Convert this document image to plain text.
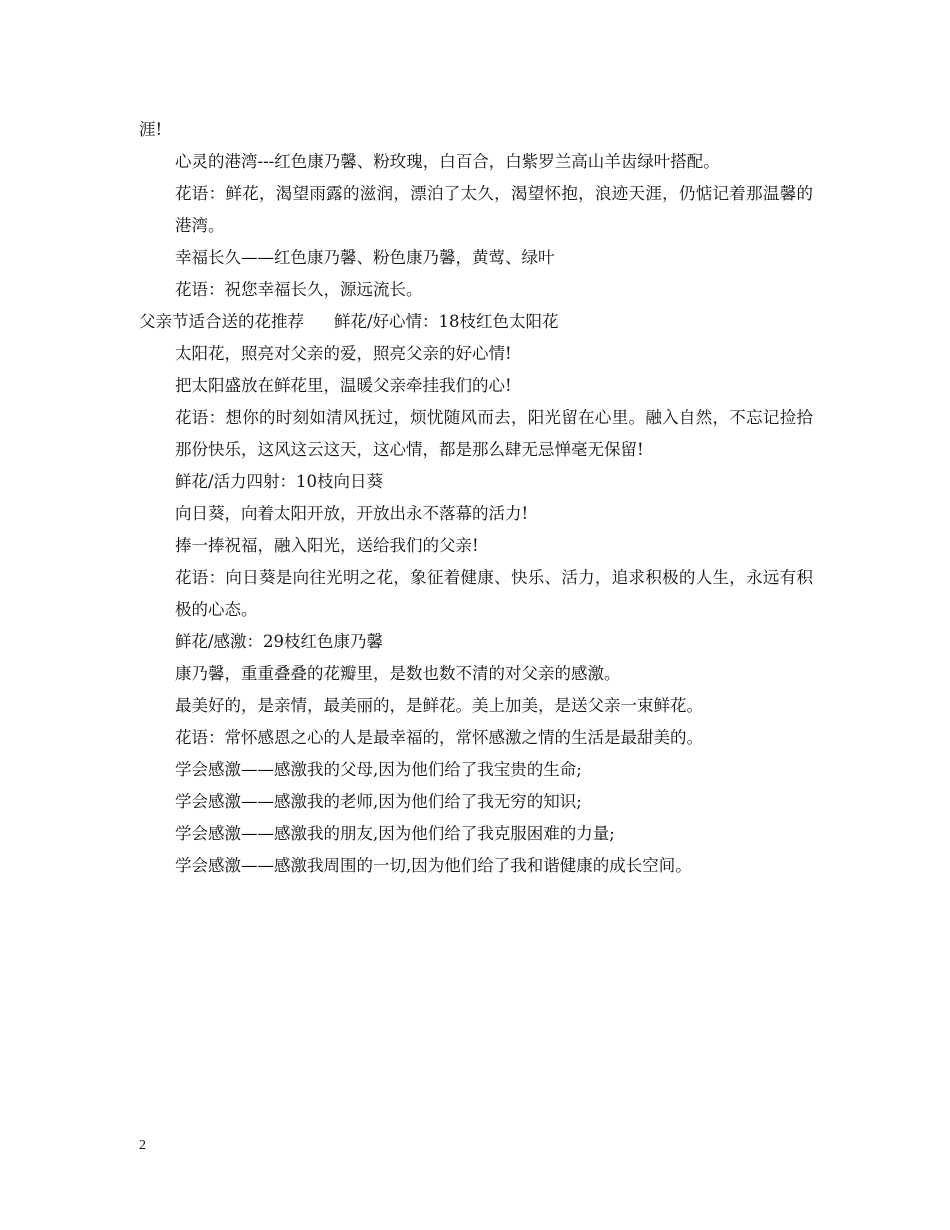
涯!
心灵的港湾---红色康乃馨、粉玫瑰，白百合，白紫罗兰高山羊齿绿叶搭配。
花语：鲜花，渴望雨露的滋润，漂泊了太久，渴望怀抱，浪迹天涯，仍惦记着那温馨的港湾。
幸福长久——红色康乃馨、粉色康乃馨，黄莺、绿叶
花语：祝您幸福长久，源远流长。
父亲节适合送的花推荐 鲜花/好心情：18枝红色太阳花
太阳花，照亮对父亲的爱，照亮父亲的好心情!
把太阳盛放在鲜花里，温暖父亲牵挂我们的心!
花语：想你的时刻如清风抚过，烦忧随风而去，阳光留在心里。融入自然，不忘记捡拾那份快乐，这风这云这天，这心情，都是那么肆无忌惮毫无保留!
鲜花/活力四射：10枝向日葵
向日葵，向着太阳开放，开放出永不落幕的活力!
捧一捧祝福，融入阳光，送给我们的父亲!
花语：向日葵是向往光明之花，象征着健康、快乐、活力，追求积极的人生，永远有积极的心态。
鲜花/感激：29枝红色康乃馨
康乃馨，重重叠叠的花瓣里，是数也数不清的对父亲的感激。
最美好的，是亲情，最美丽的，是鲜花。美上加美，是送父亲一束鲜花。
花语：常怀感恩之心的人是最幸福的，常怀感激之情的生活是最甜美的。
学会感激——感激我的父母,因为他们给了我宝贵的生命;
学会感激——感激我的老师,因为他们给了我无穷的知识;
学会感激——感激我的朋友,因为他们给了我克服困难的力量;
学会感激——感激我周围的一切,因为他们给了我和谐健康的成长空间。
2
